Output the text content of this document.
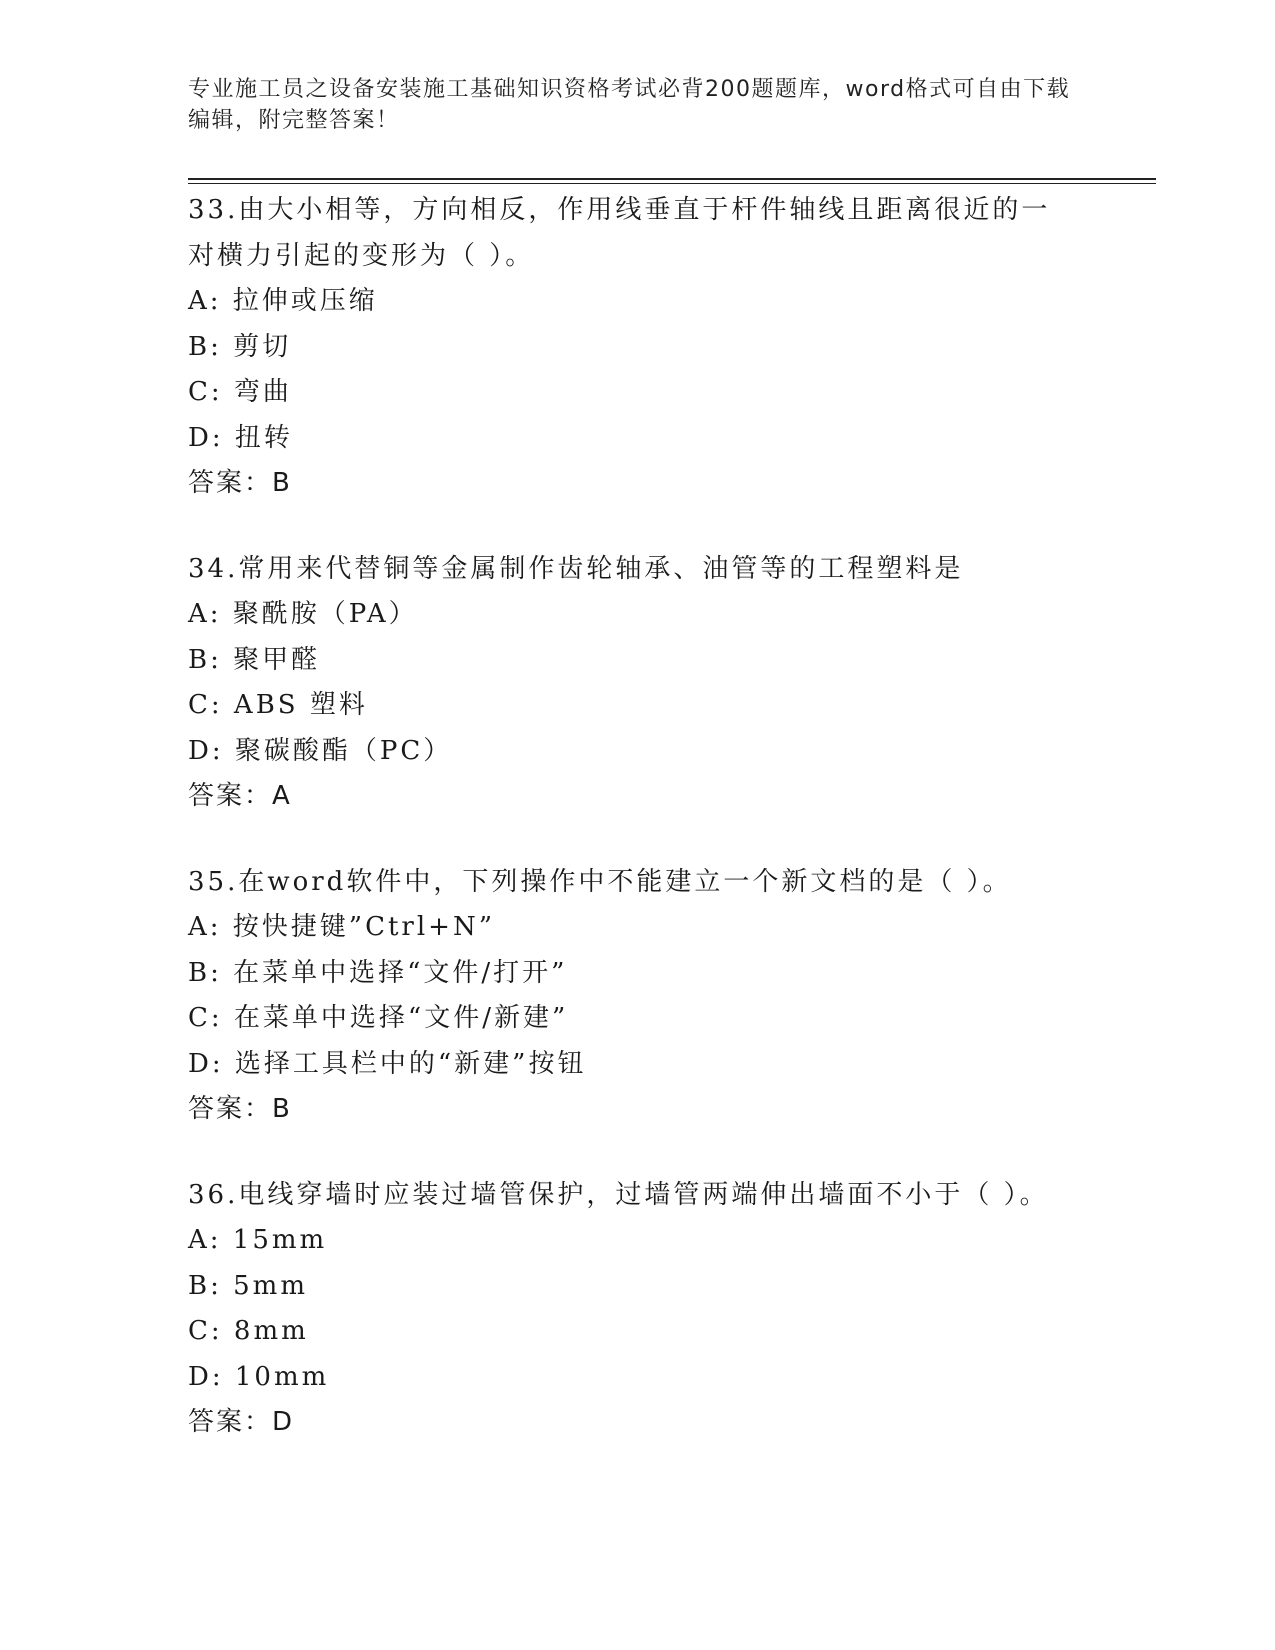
专业施工员之设备安装施工基础知识资格考试必背200题题库，word格式可自由下载编辑，附完整答案！
33.由大小相等，方向相反，作用线垂直于杆件轴线且距离很近的一对横力引起的变形为（ ）。
A: 拉伸或压缩
B: 剪切
C: 弯曲
D: 扭转
答案：B
34.常用来代替铜等金属制作齿轮轴承、油管等的工程塑料是
A: 聚酰胺（PA）
B: 聚甲醛
C: ABS 塑料
D: 聚碳酸酯（PC）
答案：A
35.在word软件中，下列操作中不能建立一个新文档的是（ ）。
A: 按快捷键”Ctrl+N”
B: 在菜单中选择“文件/打开”
C: 在菜单中选择“文件/新建”
D: 选择工具栏中的“新建”按钮
答案：B
36.电线穿墙时应装过墙管保护，过墙管两端伸出墙面不小于（ ）。
A: 15mm
B: 5mm
C: 8mm
D: 10mm
答案：D
